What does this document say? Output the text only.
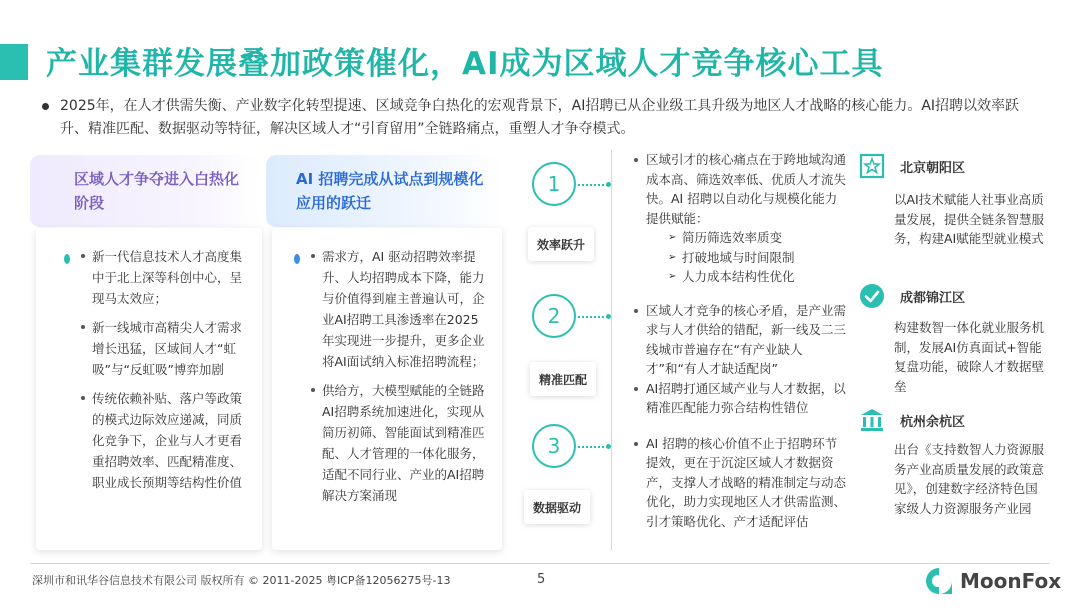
产业集群发展叠加政策催化，AI成为区域人才竞争核心工具
2025年，在人才供需失衡、产业数字化转型提速、区域竞争白热化的宏观背景下，AI招聘已从企业级工具升级为地区人才战略的核心能力。AI招聘以效率跃升、精准匹配、数据驱动等特征，解决区域人才“引育留用”全链路痛点，重塑人才争夺模式。
区域人才争夺进入白热化阶段
新一代信息技术人才高度集中于北上深等科创中心，呈现马太效应；
新一线城市高精尖人才需求增长迅猛，区域间人才“虹吸”与“反虹吸”博弈加剧
传统依赖补贴、落户等政策的模式边际效应递减，同质化竞争下，企业与人才更看重招聘效率、匹配精准度、职业成长预期等结构性价值
AI 招聘完成从试点到规模化应用的跃迁
需求方，AI 驱动招聘效率提升、人均招聘成本下降，能力与价值得到雇主普遍认可，企业AI招聘工具渗透率在2025年实现进一步提升，更多企业将AI面试纳入标准招聘流程；
供给方，大模型赋能的全链路AI招聘系统加速进化，实现从简历初筛、智能面试到精准匹配、人才管理的一体化服务，适配不同行业、产业的AI招聘解决方案涌现
1
效率跃升
2
精准匹配
3
数据驱动
区域引才的核心痛点在于跨地域沟通成本高、筛选效率低、优质人才流失快。AI 招聘以自动化与规模化能力提供赋能：
➢ 简历筛选效率质变
➢ 打破地域与时间限制
➢ 人力成本结构性优化
区域人才竞争的核心矛盾，是产业需求与人才供给的错配，新一线及二三线城市普遍存在“有产业缺人才”和“有人才缺适配岗”
AI招聘打通区域产业与人才数据，以精准匹配能力弥合结构性错位
AI 招聘的核心价值不止于招聘环节提效，更在于沉淀区域人才数据资产，支撑人才战略的精准制定与动态优化，助力实现地区人才供需监测、引才策略优化、产才适配评估
北京朝阳区
以AI技术赋能人社事业高质量发展，提供全链条智慧服务，构建AI赋能型就业模式
成都锦江区
构建数智一体化就业服务机制，发展AI仿真面试+智能复盘功能，破除人才数据壁垒
杭州余杭区
出台《支持数智人力资源服务产业高质量发展的政策意见》，创建数字经济特色国家级人力资源服务产业园
深圳市和讯华谷信息技术有限公司 版权所有 © 2011-2025 粤ICP备12056275号-13	5	MoonFox
